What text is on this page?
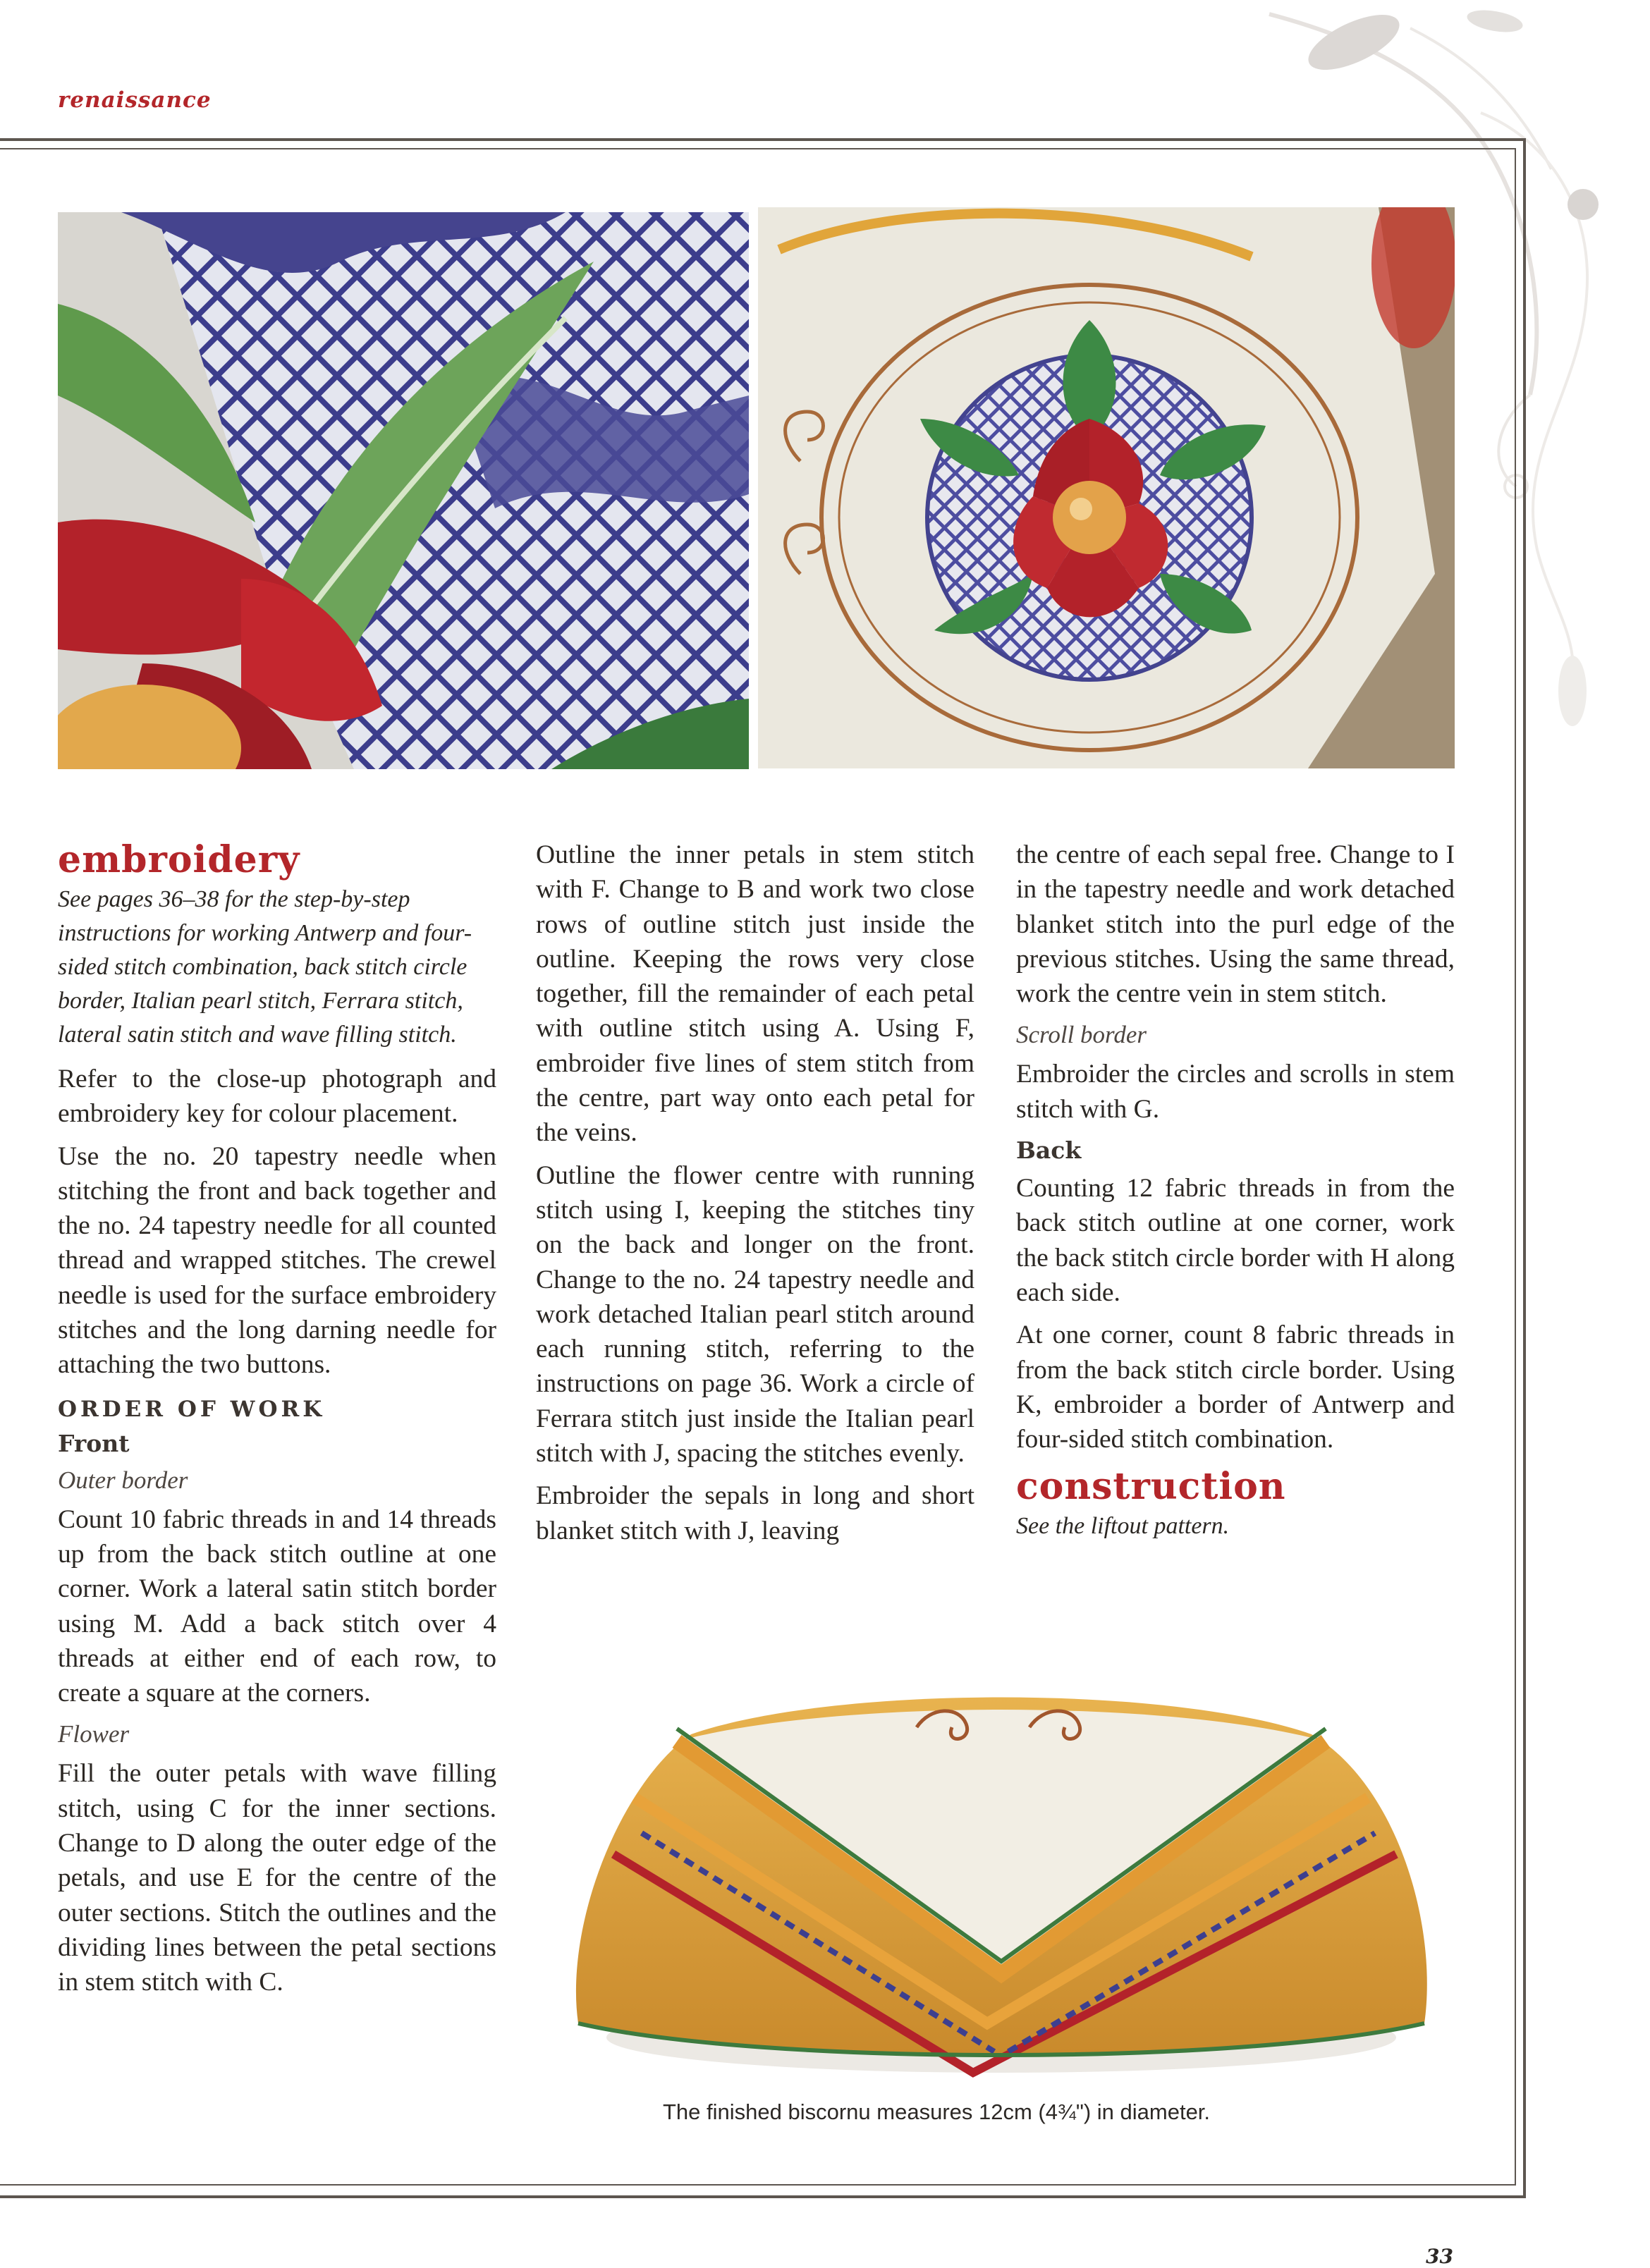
renaissance
embroidery

See pages 36–38 for the step-by-step instructions for working Antwerp and four-sided stitch combination, back stitch circle border, Italian pearl stitch, Ferrara stitch, lateral satin stitch and wave filling stitch.

Refer to the close-up photograph and embroidery key for colour placement.

Use the no. 20 tapestry needle when stitching the front and back together and the no. 24 tapestry needle for all counted thread and wrapped stitches. The crewel needle is used for the surface embroidery stitches and the long darning needle for attaching the two buttons.

ORDER OF WORK
Front
Outer border

Count 10 fabric threads in and 14 threads up from the back stitch outline at one corner. Work a lateral satin stitch border using M. Add a back stitch over 4 threads at either end of each row, to create a square at the corners.

Flower

Fill the outer petals with wave filling stitch, using C for the inner sections. Change to D along the outer edge of the petals, and use E for the centre of the outer sections. Stitch the outlines and the dividing lines between the petal sections in stem stitch with C.

Outline the inner petals in stem stitch with F. Change to B and work two close rows of outline stitch just inside the outline. Keeping the rows very close together, fill the remainder of each petal with outline stitch using A. Using F, embroider five lines of stem stitch from the centre, part way onto each petal for the veins.

Outline the flower centre with running stitch using I, keeping the stitches tiny on the back and longer on the front. Change to the no. 24 tapestry needle and work detached Italian pearl stitch around each running stitch, referring to the instructions on page 36. Work a circle of Ferrara stitch just inside the Italian pearl stitch with J, spacing the stitches evenly.

Embroider the sepals in long and short blanket stitch with J, leaving

the centre of each sepal free. Change to I in the tapestry needle and work detached blanket stitch into the purl edge of the previous stitches. Using the same thread, work the centre vein in stem stitch.

Scroll border

Embroider the circles and scrolls in stem stitch with G.

Back

Counting 12 fabric threads in from the back stitch outline at one corner, work the back stitch circle border with H along each side.

At one corner, count 8 fabric threads in from the back stitch circle border. Using K, embroider a border of Antwerp and four-sided stitch combination.

construction

See the liftout pattern.

The finished biscornu measures 12cm (4¾") in diameter.
33
